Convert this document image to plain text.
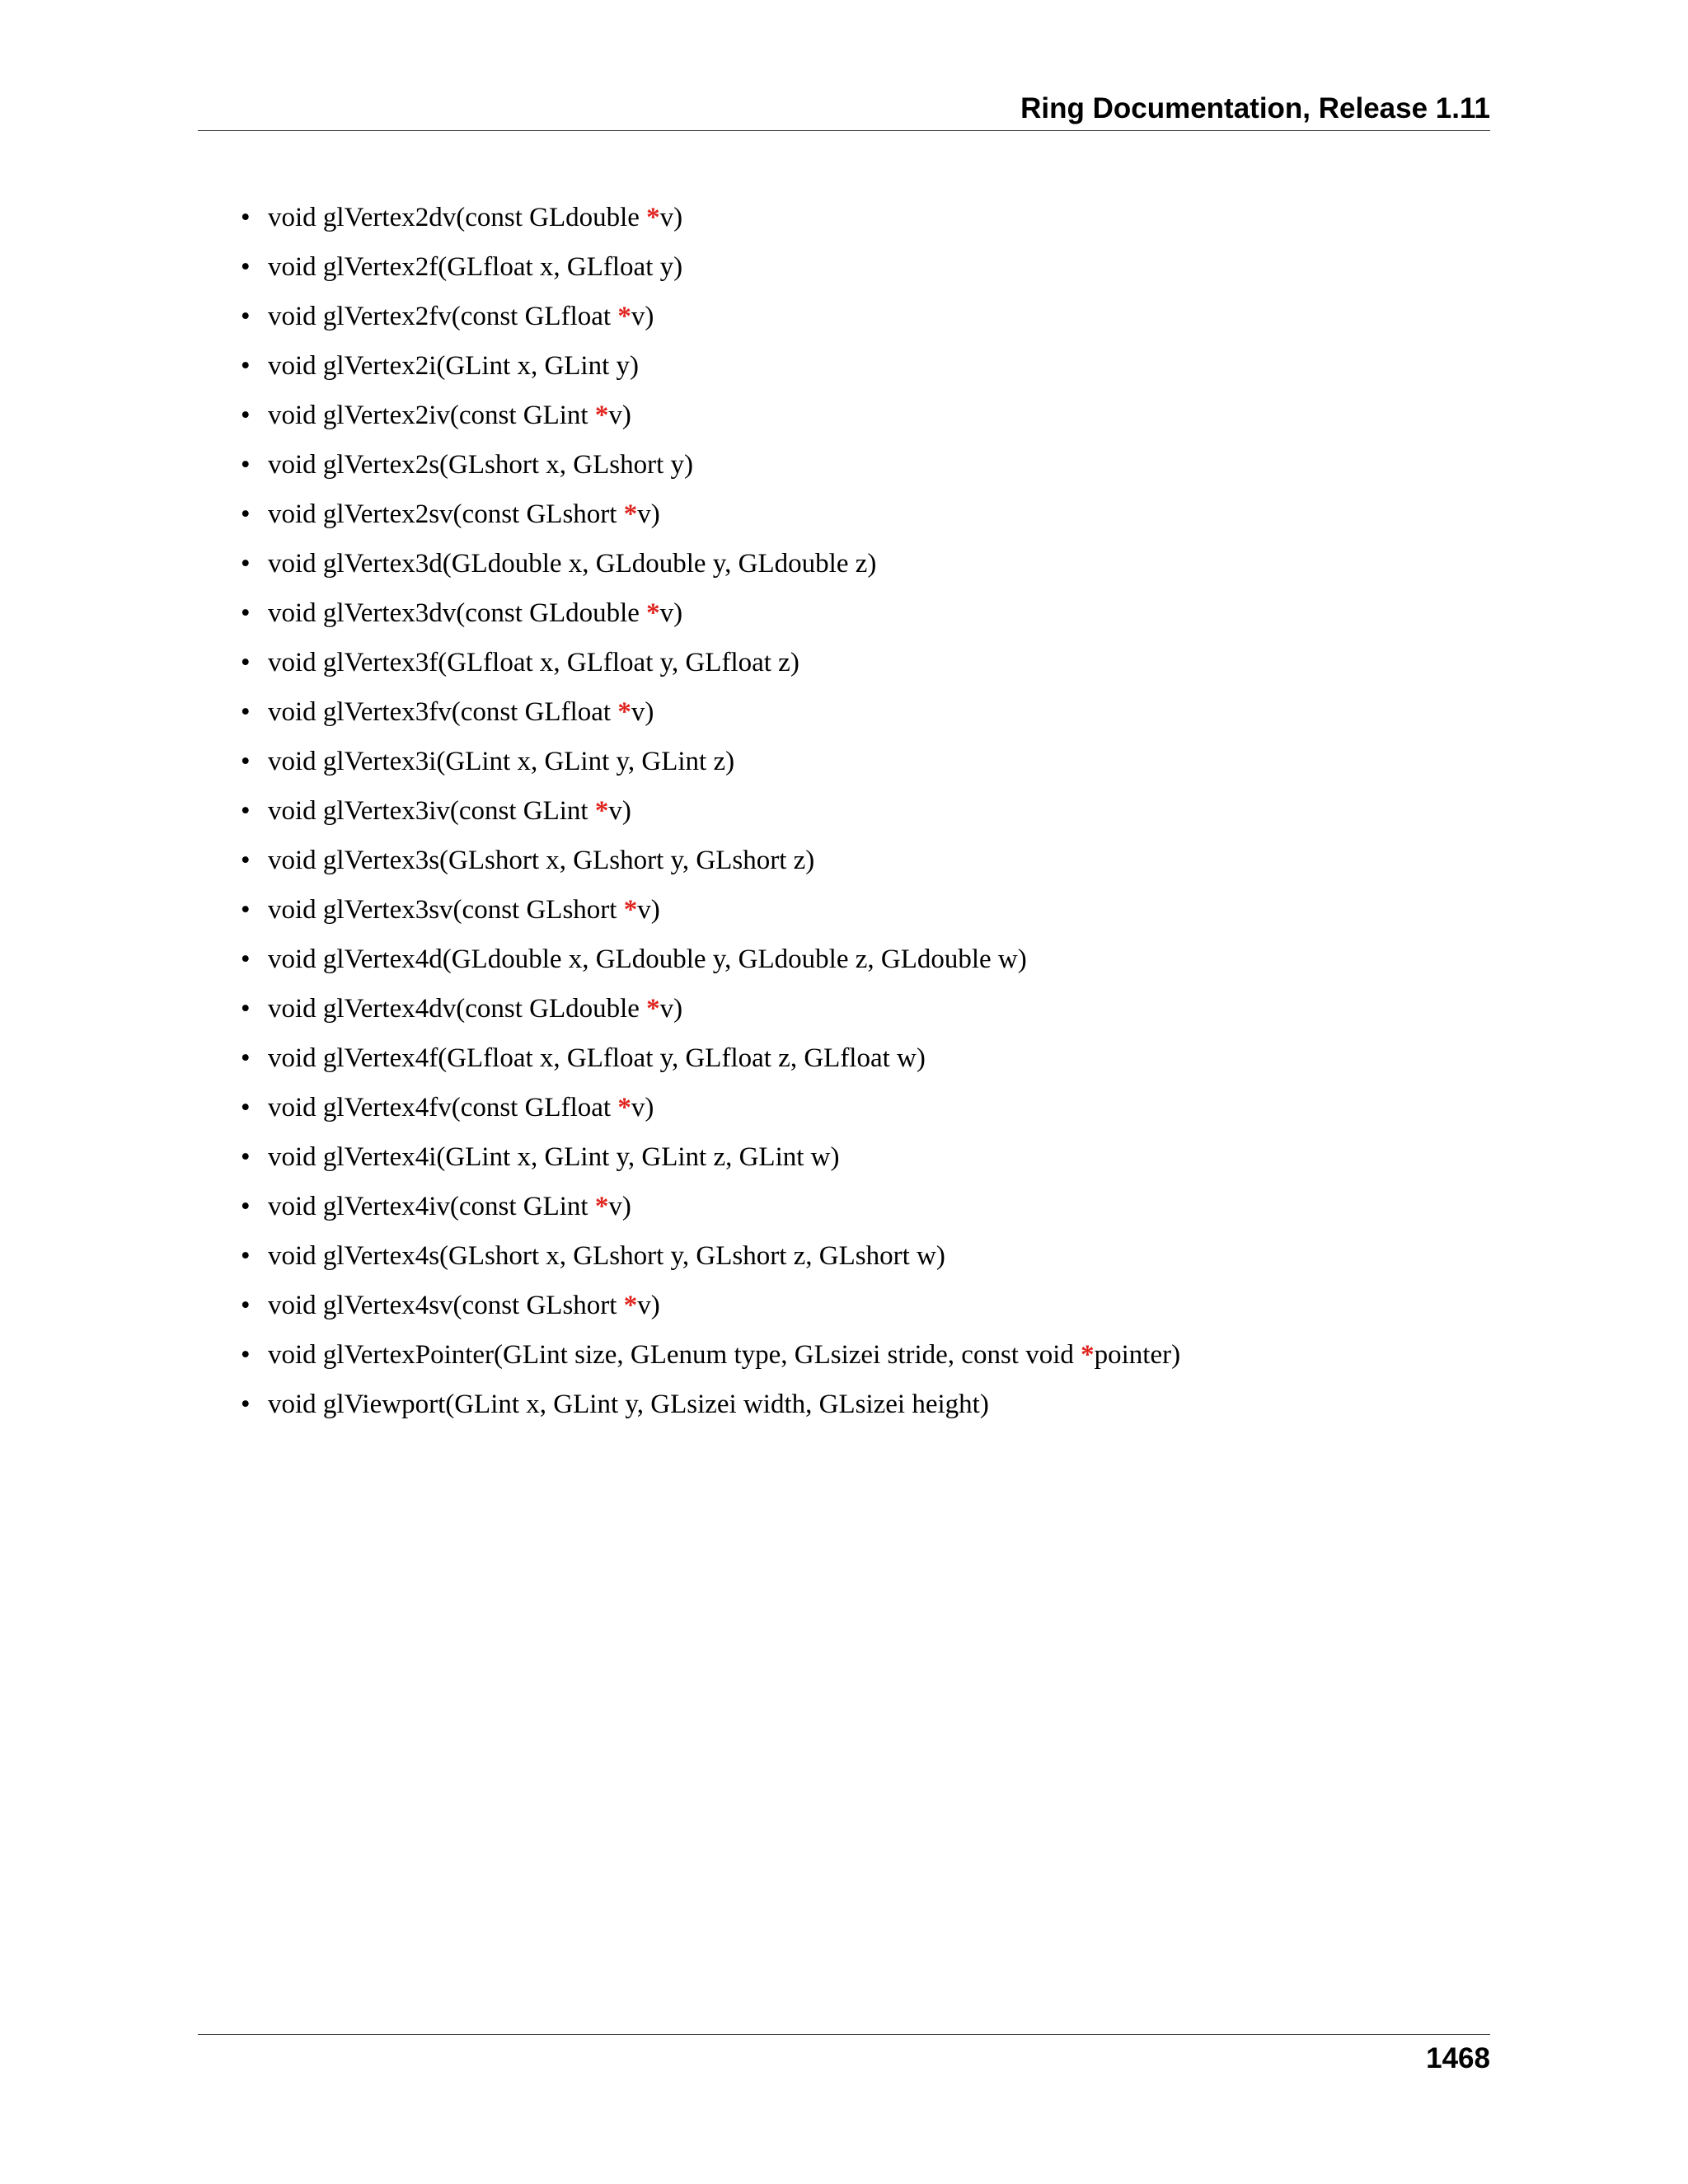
Ring Documentation, Release 1.11
• void glVertex2dv(const GLdouble *v)
• void glVertex2f(GLfloat x, GLfloat y)
• void glVertex2fv(const GLfloat *v)
• void glVertex2i(GLint x, GLint y)
• void glVertex2iv(const GLint *v)
• void glVertex2s(GLshort x, GLshort y)
• void glVertex2sv(const GLshort *v)
• void glVertex3d(GLdouble x, GLdouble y, GLdouble z)
• void glVertex3dv(const GLdouble *v)
• void glVertex3f(GLfloat x, GLfloat y, GLfloat z)
• void glVertex3fv(const GLfloat *v)
• void glVertex3i(GLint x, GLint y, GLint z)
• void glVertex3iv(const GLint *v)
• void glVertex3s(GLshort x, GLshort y, GLshort z)
• void glVertex3sv(const GLshort *v)
• void glVertex4d(GLdouble x, GLdouble y, GLdouble z, GLdouble w)
• void glVertex4dv(const GLdouble *v)
• void glVertex4f(GLfloat x, GLfloat y, GLfloat z, GLfloat w)
• void glVertex4fv(const GLfloat *v)
• void glVertex4i(GLint x, GLint y, GLint z, GLint w)
• void glVertex4iv(const GLint *v)
• void glVertex4s(GLshort x, GLshort y, GLshort z, GLshort w)
• void glVertex4sv(const GLshort *v)
• void glVertexPointer(GLint size, GLenum type, GLsizei stride, const void *pointer)
• void glViewport(GLint x, GLint y, GLsizei width, GLsizei height)
1468
